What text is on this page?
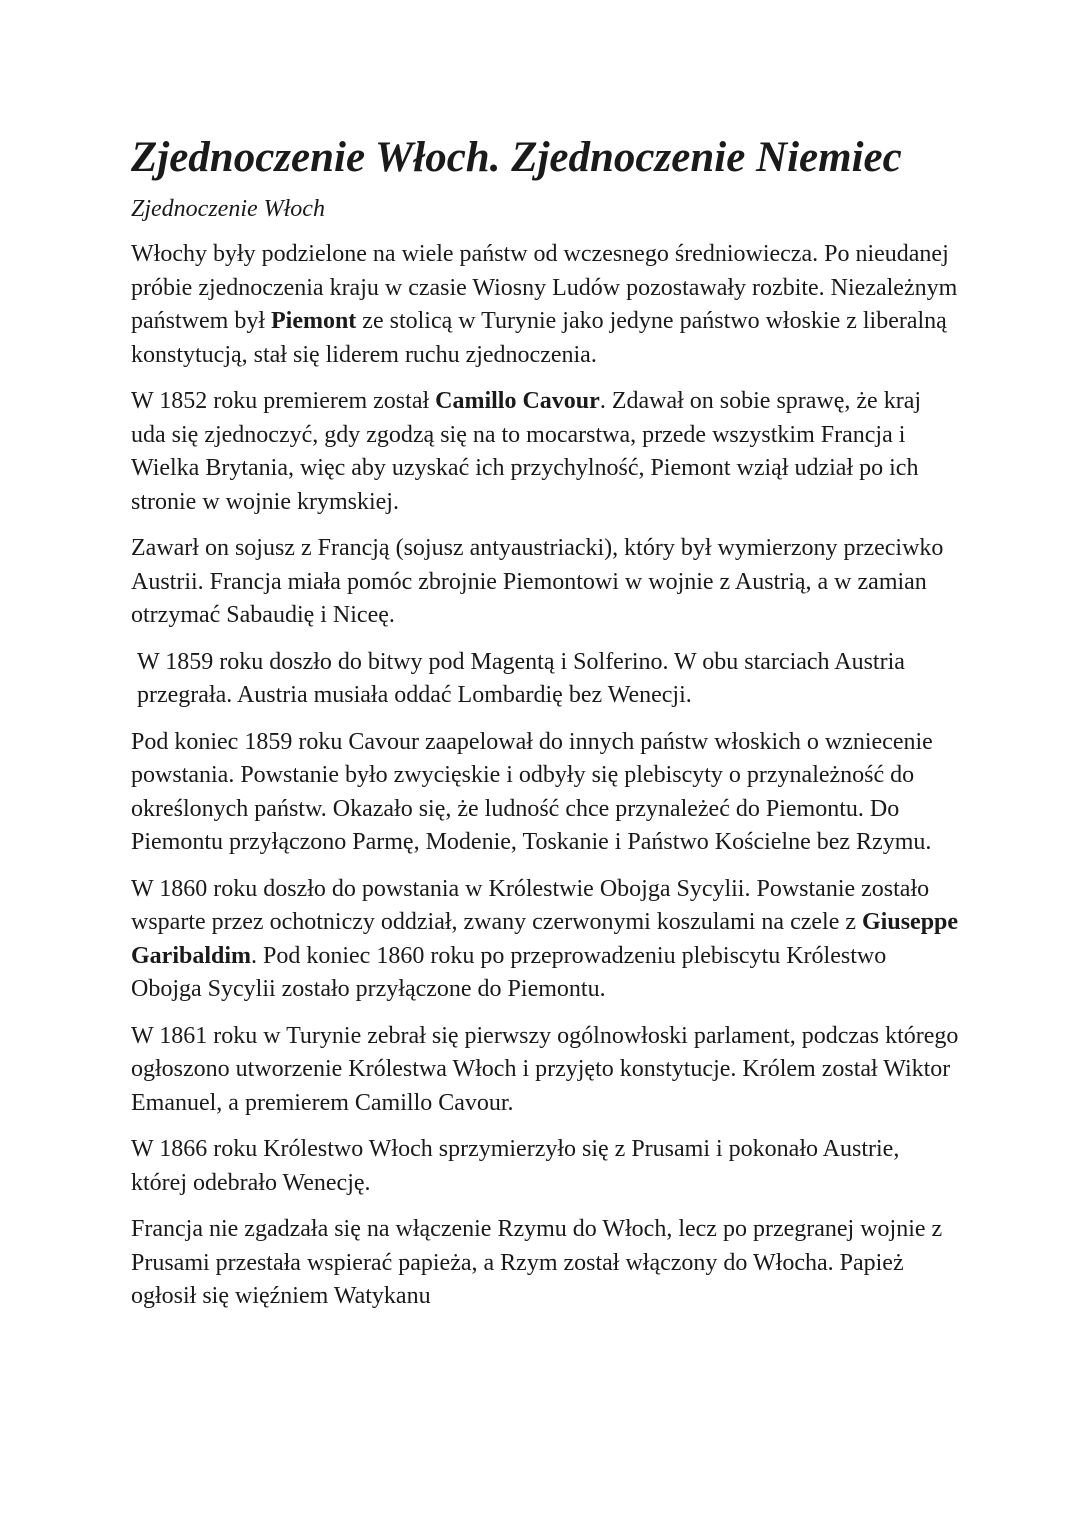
Zjednoczenie Włoch. Zjednoczenie Niemiec
Zjednoczenie Włoch

Włochy były podzielone na wiele państw od wczesnego średniowiecza. Po nieudanej próbie zjednoczenia kraju w czasie Wiosny Ludów pozostawały rozbite. Niezależnym państwem był Piemont ze stolicą w Turynie jako jedyne państwo włoskie z liberalną konstytucją, stał się liderem ruchu zjednoczenia.

W 1852 roku premierem został Camillo Cavour. Zdawał on sobie sprawę, że kraj uda się zjednoczyć, gdy zgodzą się na to mocarstwa, przede wszystkim Francja i Wielka Brytania, więc aby uzyskać ich przychylność, Piemont wziął udział po ich stronie w wojnie krymskiej.

Zawarł on sojusz z Francją (sojusz antyaustriacki), który był wymierzony przeciwko Austrii. Francja miała pomóc zbrojnie Piemontowi w wojnie z Austrią, a w zamian otrzymać Sabaudię i Niceę.

W 1859 roku doszło do bitwy pod Magentą i Solferino. W obu starciach Austria przegrała. Austria musiała oddać Lombardię bez Wenecji.

Pod koniec 1859 roku Cavour zaapelował do innych państw włoskich o wzniecenie powstania. Powstanie było zwycięskie i odbyły się plebiscyty o przynależność do określonych państw. Okazało się, że ludność chce przynależeć do Piemontu. Do Piemontu przyłączono Parmę, Modenie, Toskanie i Państwo Kościelne bez Rzymu.

W 1860 roku doszło do powstania w Królestwie Obojga Sycylii. Powstanie zostało wsparte przez ochotniczy oddział, zwany czerwonymi koszulami na czele z Giuseppe Garibaldim. Pod koniec 1860 roku po przeprowadzeniu plebiscytu Królestwo Obojga Sycylii zostało przyłączone do Piemontu.

W 1861 roku w Turynie zebrał się pierwszy ogólnowłoski parlament, podczas którego ogłoszono utworzenie Królestwa Włoch i przyjęto konstytucje. Królem został Wiktor Emanuel, a premierem Camillo Cavour.

W 1866 roku Królestwo Włoch sprzymierzyło się z Prusami i pokonało Austrie, której odebrało Wenecję.

Francja nie zgadzała się na włączenie Rzymu do Włoch, lecz po przegranej wojnie z Prusami przestała wspierać papieża, a Rzym został włączony do Włocha. Papież ogłosił się więźniem Watykanu
